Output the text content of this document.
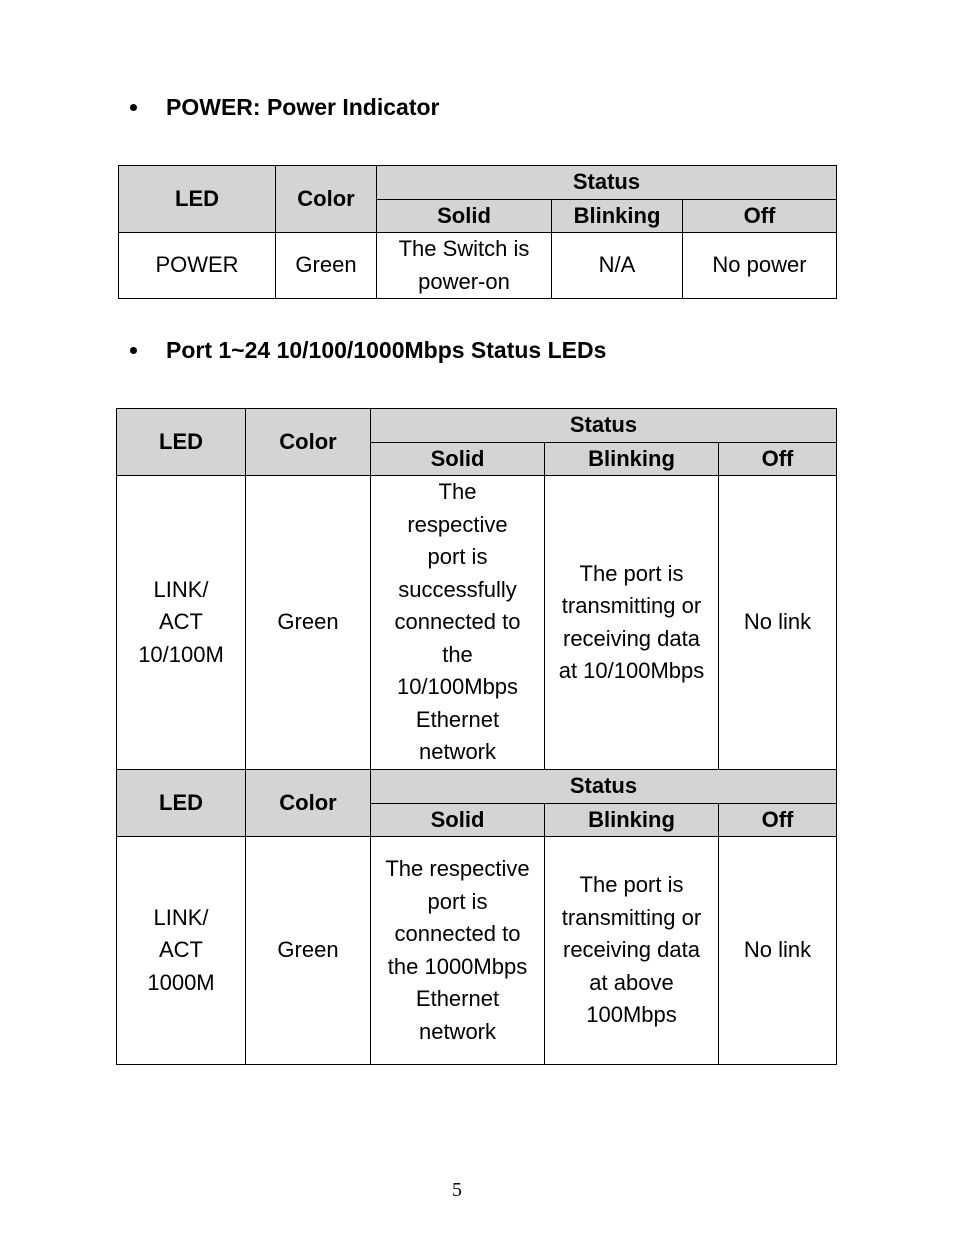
POWER: Power Indicator
LED	Color	Status		
		Solid	Blinking	Off
POWER	Green	The Switch is power-on	N/A	No power
Port 1~24 10/100/1000Mbps Status LEDs
LED	Color	Status		
		Solid	Blinking	Off

LINK/ ACT 10/100M	Green	The respective port is successfully connected to the 10/100Mbps Ethernet network	The port is transmitting or receiving data at 10/100Mbps	No link
LED	Color	Status		
		Solid	Blinking	Off

LINK/ ACT 1000M	Green	The respective port is connected to the 1000Mbps Ethernet network	The port is transmitting or receiving data at above 100Mbps	No link
5
